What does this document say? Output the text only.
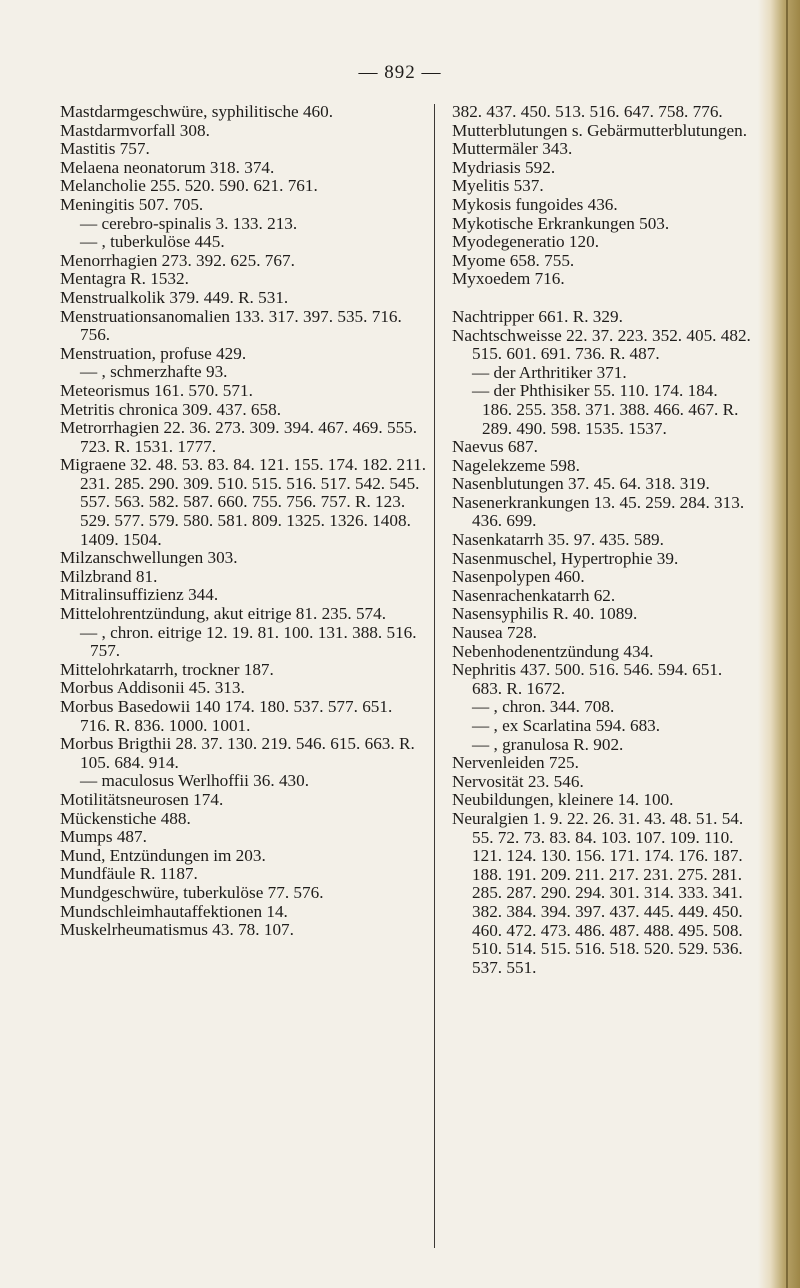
— 892 —

Mastdarmgeschwüre, syphilitische 460.

Mastdarmvorfall 308.

Mastitis 757.

Melaena neonatorum 318. 374.

Melancholie 255. 520. 590. 621. 761.

Meningitis 507. 705.

— cerebro-spinalis 3. 133. 213.

— , tuberkulöse 445.

Menorrhagien 273. 392. 625. 767.

Mentagra R. 1532.

Menstrualkolik 379. 449. R. 531.

Menstruationsanomalien 133. 317. 397. 535. 716. 756.

Menstruation, profuse 429.

— , schmerzhafte 93.

Meteorismus 161. 570. 571.

Metritis chronica 309. 437. 658.

Metrorrhagien 22. 36. 273. 309. 394. 467. 469. 555. 723. R. 1531. 1777.

Migraene 32. 48. 53. 83. 84. 121. 155. 174. 182. 211. 231. 285. 290. 309. 510. 515. 516. 517. 542. 545. 557. 563. 582. 587. 660. 755. 756. 757. R. 123. 529. 577. 579. 580. 581. 809. 1325. 1326. 1408. 1409. 1504.

Milzanschwellungen 303.

Milzbrand 81.

Mitralinsuffizienz 344.

Mittelohrentzündung, akut eitrige 81. 235. 574.

— , chron. eitrige 12. 19. 81. 100. 131. 388. 516. 757.

Mittelohrkatarrh, trockner 187.

Morbus Addisonii 45. 313.

Morbus Basedowii 140 174. 180. 537. 577. 651. 716. R. 836. 1000. 1001.

Morbus Brigthii 28. 37. 130. 219. 546. 615. 663. R. 105. 684. 914.

— maculosus Werlhoffii 36. 430.

Motilitätsneurosen 174.

Mückenstiche 488.

Mumps 487.

Mund, Entzündungen im 203.

Mundfäule R. 1187.

Mundgeschwüre, tuberkulöse 77. 576.

Mundschleimhautaffektionen 14.

Muskelrheumatismus 43. 78. 107.

382. 437. 450. 513. 516. 647. 758. 776.

Mutterblutungen s. Gebärmutterblutungen.

Muttermäler 343.

Mydriasis 592.

Myelitis 537.

Mykosis fungoides 436.

Mykotische Erkrankungen 503.

Myodegeneratio 120.

Myome 658. 755.

Myxoedem 716.

Nachtripper 661. R. 329.

Nachtschweisse 22. 37. 223. 352. 405. 482. 515. 601. 691. 736. R. 487.

— der Arthritiker 371.

— der Phthisiker 55. 110. 174. 184. 186. 255. 358. 371. 388. 466. 467. R. 289. 490. 598. 1535. 1537.

Naevus 687.

Nagelekzeme 598.

Nasenblutungen 37. 45. 64. 318. 319.

Nasenerkrankungen 13. 45. 259. 284. 313. 436. 699.

Nasenkatarrh 35. 97. 435. 589.

Nasenmuschel, Hypertrophie 39.

Nasenpolypen 460.

Nasenrachenkatarrh 62.

Nasensyphilis R. 40. 1089.

Nausea 728.

Nebenhodenentzündung 434.

Nephritis 437. 500. 516. 546. 594. 651. 683. R. 1672.

— , chron. 344. 708.

— , ex Scarlatina 594. 683.

— , granulosa R. 902.

Nervenleiden 725.

Nervosität 23. 546.

Neubildungen, kleinere 14. 100.

Neuralgien 1. 9. 22. 26. 31. 43. 48. 51. 54. 55. 72. 73. 83. 84. 103. 107. 109. 110. 121. 124. 130. 156. 171. 174. 176. 187. 188. 191. 209. 211. 217. 231. 275. 281. 285. 287. 290. 294. 301. 314. 333. 341. 382. 384. 394. 397. 437. 445. 449. 450. 460. 472. 473. 486. 487. 488. 495. 508. 510. 514. 515. 516. 518. 520. 529. 536. 537. 551.
